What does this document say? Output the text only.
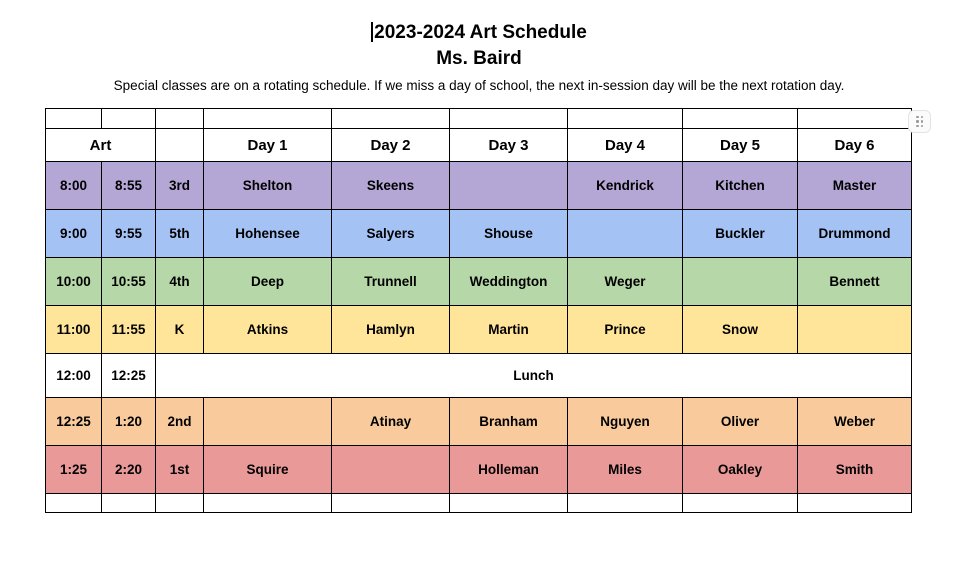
2023-2024 Art Schedule
Ms. Baird
Special classes are on a rotating schedule. If we miss a day of school, the next in-session day will be the next rotation day.

Art			Day 1	Day 2	Day 3	Day 4	Day 5	Day 6
8:00	8:55	3rd	Shelton	Skeens		Kendrick	Kitchen	Master
9:00	9:55	5th	Hohensee	Salyers	Shouse		Buckler	Drummond
10:00	10:55	4th	Deep	Trunnell	Weddington	Weger		Bennett
11:00	11:55	K	Atkins	Hamlyn	Martin	Prince	Snow	
12:00	12:25	Lunch						
12:25	1:20	2nd		Atinay	Branham	Nguyen	Oliver	Weber
1:25	2:20	1st	Squire		Holleman	Miles	Oakley	Smith
